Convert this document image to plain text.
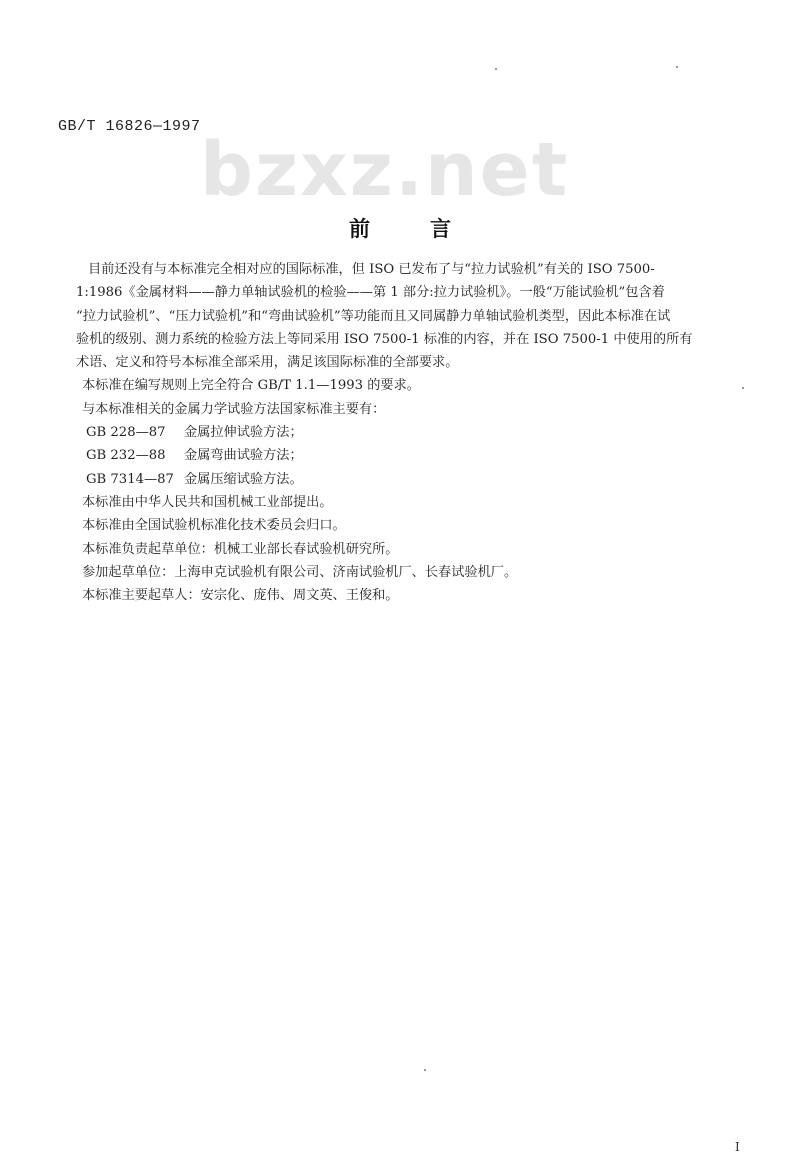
GB/T 16826—1997
bzxz.net
前言
目前还没有与本标准完全相对应的国际标准，但 ISO 已发布了与“拉力试验机”有关的 ISO 7500-
1:1986《金属材料——静力单轴试验机的检验——第 1 部分:拉力试验机》。一般“万能试验机”包含着
“拉力试验机”、“压力试验机”和“弯曲试验机”等功能而且又同属静力单轴试验机类型，因此本标准在试
验机的级别、测力系统的检验方法上等同采用 ISO 7500-1 标准的内容，并在 ISO 7500-1 中使用的所有
术语、定义和符号本标准全部采用，满足该国际标准的全部要求。
本标准在编写规则上完全符合 GB/T 1.1—1993 的要求。
与本标准相关的金属力学试验方法国家标准主要有：
GB 228—87 金属拉伸试验方法；
GB 232—88 金属弯曲试验方法；
GB 7314—87 金属压缩试验方法。
本标准由中华人民共和国机械工业部提出。
本标准由全国试验机标准化技术委员会归口。
本标准负责起草单位：机械工业部长春试验机研究所。
参加起草单位：上海申克试验机有限公司、济南试验机厂、长春试验机厂。
本标准主要起草人：安宗化、庞伟、周文英、王俊和。
I
